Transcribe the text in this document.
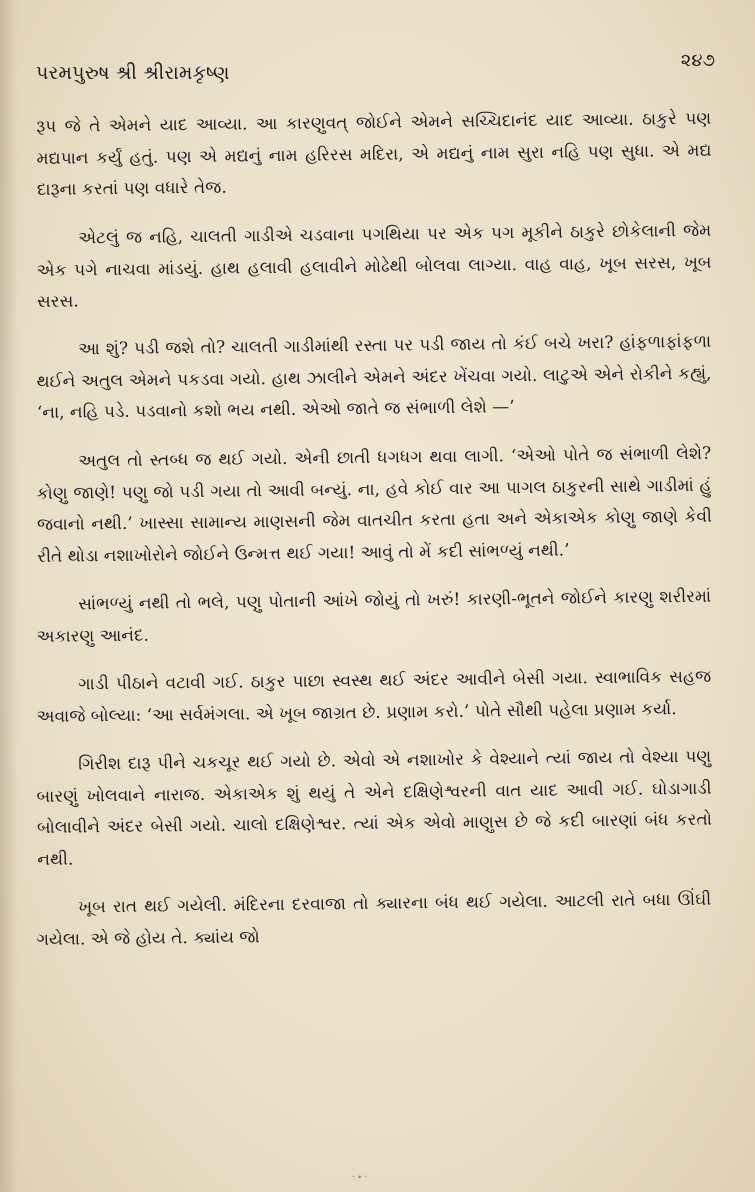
પરમપુરુષ શ્રી શ્રીરામકૃષ્ણ
૨૪૭

રૂપ જે તે એમને યાદ આવ્યા. આ કારણુવત્ જોઈને એમને સચ્ચિદાનંદ યાદ આવ્યા. ઠાકુરે પણ મદ્યપાન કર્યું હતું. પણ એ મદ્યનું નામ હરિરસ મદિરા, એ મદ્યનું નામ સુરા નહિ પણ સુધા. એ મદ્ય દારૂના કરતાં પણ વધારે તેજ.

એટલું જ નહિ, ચાલતી ગાડીએ ચડવાના પગથિયા પર એક પગ મૂકીને ઠાકુરે છોકેલાની જેમ એક પગે નાચવા માંડયું. હાથ હલાવી હલાવીને મોઢેથી બોલવા લાગ્યા. વાહ વાહ, ખૂબ સરસ, ખૂબ સરસ.

આ શું? પડી જશે તો? ચાલતી ગાડીમાંથી રસ્તા પર પડી જાય તો કંઈ બચે ખરા? હાંફળાફાંફળા થઈને અતુલ એમને પકડવા ગયો. હાથ ઝાલીને એમને અંદર ખેંચવા ગયો. લાટુએ એને રોકીને કહ્યું, ‘ના, નહિ પડે. પડવાનો કશો ભય નથી. એઓ જાતે જ સંભાળી લેશે —’

અતુલ તો સ્તબ્ધ જ થઈ ગયો. એની છાતી ધગધગ થવા લાગી. ‘એઓ પોતે જ સંભાળી લેશે? કોણુ જાણે! પણુ જો પડી ગયા તો આવી બન્યું. ના, હવે કોઈ વાર આ પાગલ ઠાકુરની સાથે ગાડીમાં હું જવાનો નથી.’ ખાસ્સા સામાન્ય માણસની જેમ વાતચીત કરતા હતા અને એકાએક કોણુ જાણે કેવી રીતે થોડા નશાખોરોને જોઈને ઉન્મત્ત થઈ ગયા! આવું તો મેં કદી સાંભળ્યું નથી.’

સાંભળ્યું નથી તો ભલે, પણુ પોતાની આંખે જોયું તો ખરું! કારણી-ભૂતને જોઈને કારણુ શરીરમાં અકારણુ આનંદ.

ગાડી પીઠાને વટાવી ગઈ. ઠાકુર પાછા સ્વસ્થ થઈ અંદર આવીને બેસી ગયા. સ્વાભાવિક સહજ અવાજે બોલ્યા: ‘આ સર્વમંગલા. એ ખૂબ જાગ્રત છે. પ્રણામ કરો.’ પોતે સૌથી પહેલા પ્રણામ કર્યા.

ગિરીશ દારૂ પીને ચકચૂર થઈ ગયો છે. એવો એ નશાખોર કે વેશ્યાને ત્યાં જાય તો વેશ્યા પણુ બારણું ખોલવાને નારાજ. એકાએક શું થયું તે એને દક્ષિણેશ્વરની વાત યાદ આવી ગઈ. ઘોડાગાડી બોલાવીને અંદર બેસી ગયો. ચાલો દક્ષિણેશ્વર. ત્યાં એક એવો માણુસ છે જે કદી બારણાં બંધ કરતો નથી.

ખૂબ રાત થઈ ગયેલી. મંદિરના દરવાજા તો ક્યારના બંધ થઈ ગયેલા. આટલી રાતે બધા ઊંઘી ગયેલા. એ જે હોય તે. ક્યાંય જો

·∙·
